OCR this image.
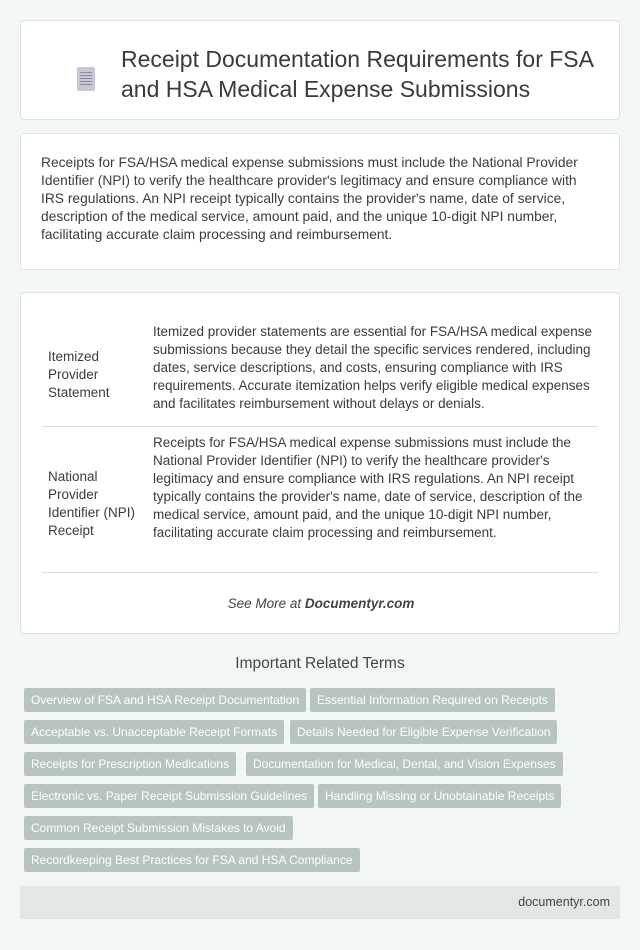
Receipt Documentation Requirements for FSA and HSA Medical Expense Submissions

Receipts for FSA/HSA medical expense submissions must include the National Provider Identifier (NPI) to verify the healthcare provider's legitimacy and ensure compliance with IRS regulations. An NPI receipt typically contains the provider's name, date of service, description of the medical service, amount paid, and the unique 10-digit NPI number, facilitating accurate claim processing and reimbursement.

Itemized Provider Statement
Itemized provider statements are essential for FSA/HSA medical expense submissions because they detail the specific services rendered, including dates, service descriptions, and costs, ensuring compliance with IRS requirements. Accurate itemization helps verify eligible medical expenses and facilitates reimbursement without delays or denials.
National Provider Identifier (NPI) Receipt
Receipts for FSA/HSA medical expense submissions must include the National Provider Identifier (NPI) to verify the healthcare provider's legitimacy and ensure compliance with IRS regulations. An NPI receipt typically contains the provider's name, date of service, description of the medical service, amount paid, and the unique 10-digit NPI number, facilitating accurate claim processing and reimbursement.
See More at Documentyr.com
Important Related Terms
Overview of FSA and HSA Receipt Documentation	Essential Information Required on Receipts
Acceptable vs. Unacceptable Receipt Formats	Details Needed for Eligible Expense Verification
Receipts for Prescription Medications	Documentation for Medical, Dental, and Vision Expenses
Electronic vs. Paper Receipt Submission Guidelines	Handling Missing or Unobtainable Receipts
Common Receipt Submission Mistakes to Avoid
Recordkeeping Best Practices for FSA and HSA Compliance
documentyr.com
